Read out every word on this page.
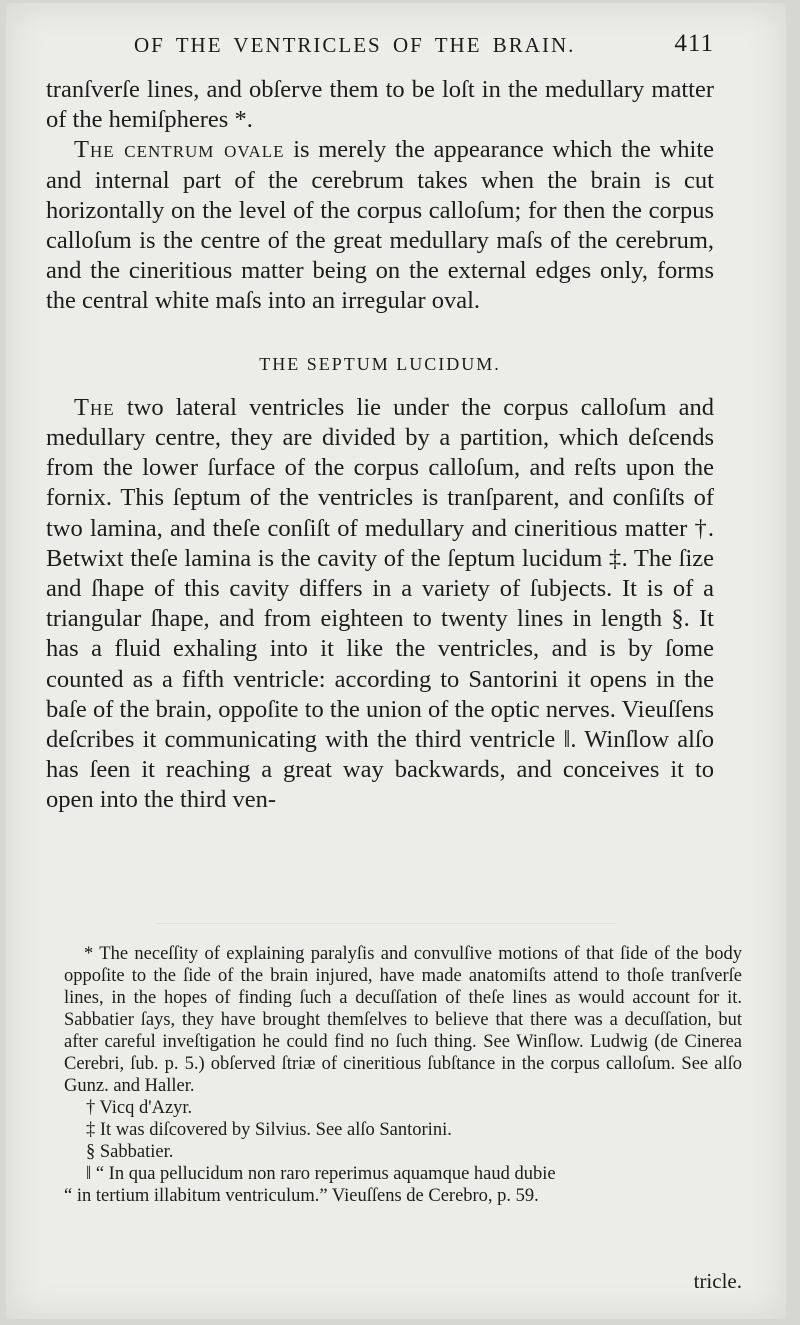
OF THE VENTRICLES OF THE BRAIN.	411

tranſverſe lines, and obſerve them to be loſt in the medullary matter of the hemiſpheres *.

The centrum ovale is merely the appearance which the white and internal part of the cerebrum takes when the brain is cut horizontally on the level of the corpus calloſum; for then the corpus calloſum is the centre of the great medullary maſs of the cerebrum, and the cineritious matter being on the external edges only, forms the central white maſs into an irregular oval.

THE SEPTUM LUCIDUM.

The two lateral ventricles lie under the corpus calloſum and medullary centre, they are divided by a partition, which deſcends from the lower ſurface of the corpus calloſum, and reſts upon the fornix. This ſeptum of the ventricles is tranſparent, and conſiſts of two lamina, and theſe conſiſt of medullary and cineritious matter †. Betwixt theſe lamina is the cavity of the ſeptum lucidum ‡. The ſize and ſhape of this cavity differs in a variety of ſubjects. It is of a triangular ſhape, and from eighteen to twenty lines in length §. It has a fluid exhaling into it like the ventricles, and is by ſome counted as a fifth ventricle: according to Santorini it opens in the baſe of the brain, oppoſite to the union of the optic nerves. Vieuſſens deſcribes it communicating with the third ventricle ‖. Winſlow alſo has ſeen it reaching a great way backwards, and conceives it to open into the third ven-

* The neceſſity of explaining paralyſis and convulſive motions of that ſide of the body oppoſite to the ſide of the brain injured, have made anatomiſts attend to thoſe tranſverſe lines, in the hopes of finding ſuch a decuſſation of theſe lines as would account for it. Sabbatier ſays, they have brought themſelves to believe that there was a decuſſation, but after careful inveſtigation he could find no ſuch thing. See Winſlow. Ludwig (de Cinerea Cerebri, ſub. p. 5.) obſerved ſtriæ of cineritious ſubſtance in the corpus calloſum. See alſo Gunz. and Haller.

† Vicq d'Azyr.

‡ It was diſcovered by Silvius. See alſo Santorini.

§ Sabbatier.

‖ “ In qua pellucidum non raro reperimus aquamque haud dubie

“ in tertium illabitum ventriculum.” Vieuſſens de Cerebro, p. 59.

tricle.
